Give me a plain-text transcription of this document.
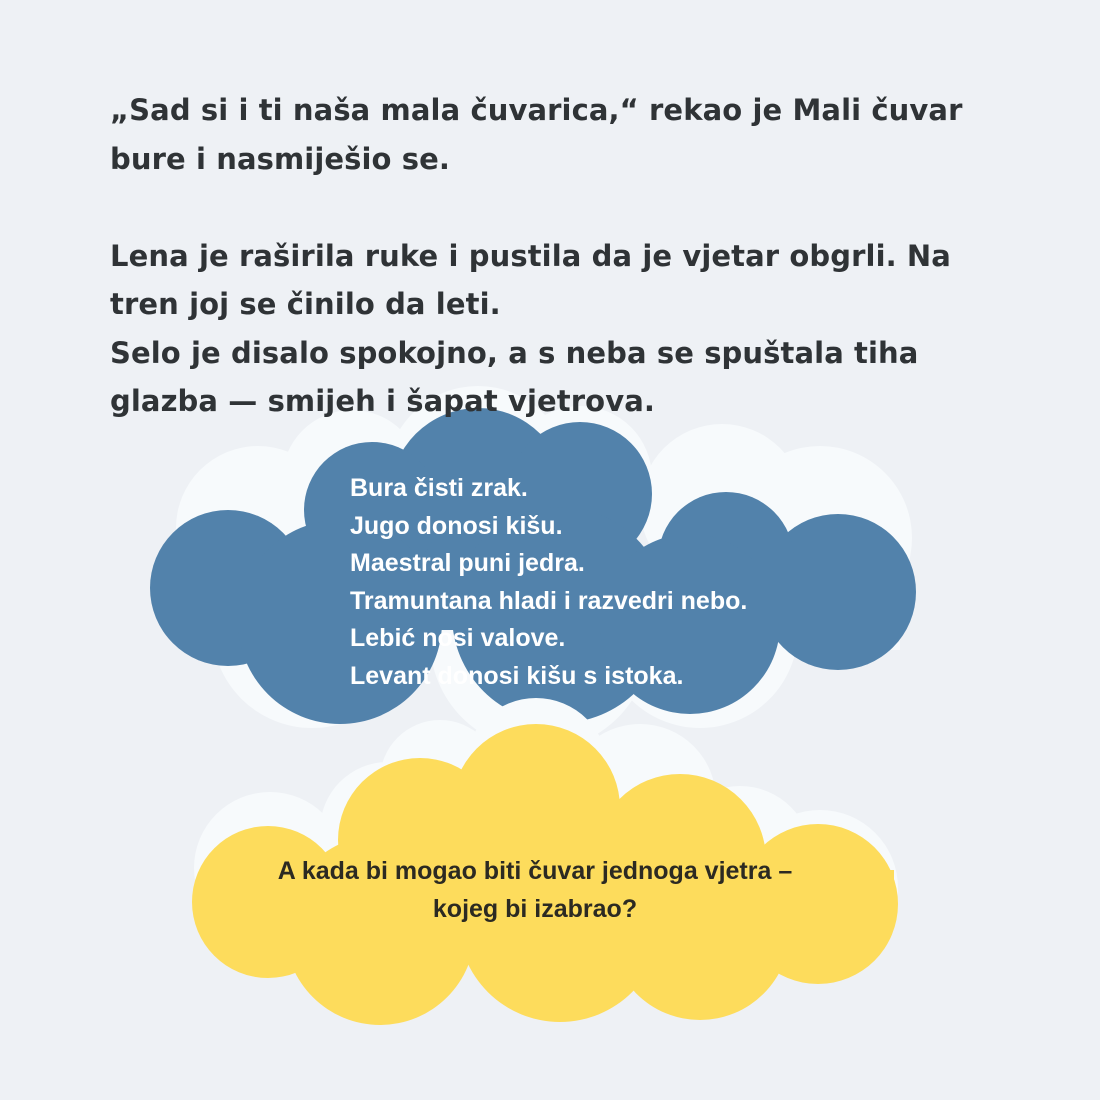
„Sad si i ti naša mala čuvarica,“ rekao je Mali čuvar bure i nasmiješio se.

Lena je raširila ruke i pustila da je vjetar obgrli. Na tren joj se činilo da leti.

Selo je disalo spokojno, a s neba se spuštala tiha glazba — smijeh i šapat vjetrova.

Bura čisti zrak.
Jugo donosi kišu.
Maestral puni jedra.
Tramuntana hladi i razvedri nebo.
Lebić nosi valove.
Levant donosi kišu s istoka.
A kada bi mogao biti čuvar jednoga vjetra –
kojeg bi izabrao?
